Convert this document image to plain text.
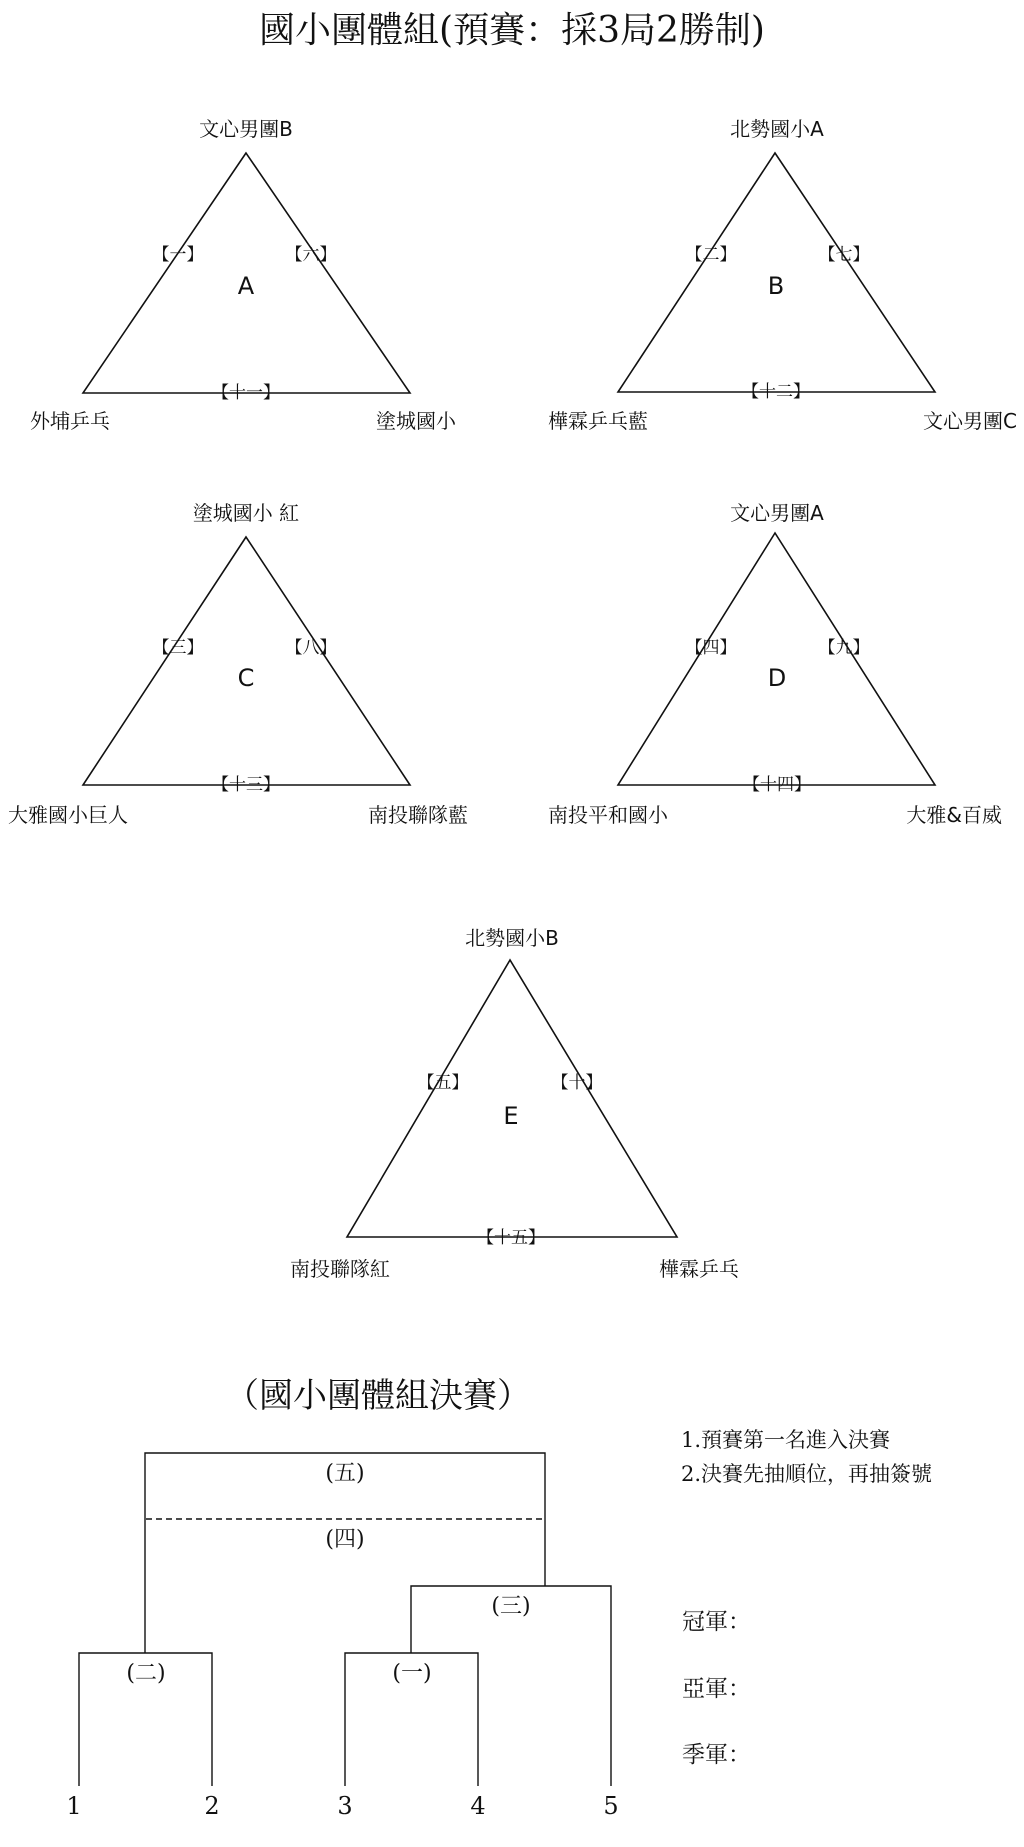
國小團體組(預賽：採3局2勝制)
文心男團B
外埔乒乓	塗城國小
【一】	【六】
【十一】
A
北勢國小A
樺霖乒乓藍	文心男團C
【二】	【七】
【十二】
B
塗城國小 紅
大雅國小巨人	南投聯隊藍
【三】	【八】
【十三】
C
文心男團A
南投平和國小	大雅&百威
【四】	【九】
【十四】
D
北勢國小B
南投聯隊紅	樺霖乒乓
【五】	【十】
【十五】
E
（國小團體組決賽）
1.預賽第一名進入決賽
2.決賽先抽順位，再抽簽號
(五)
(四)
(三)
(二)	(一)
1	2	3	4	5
冠軍：
亞軍：
季軍：
